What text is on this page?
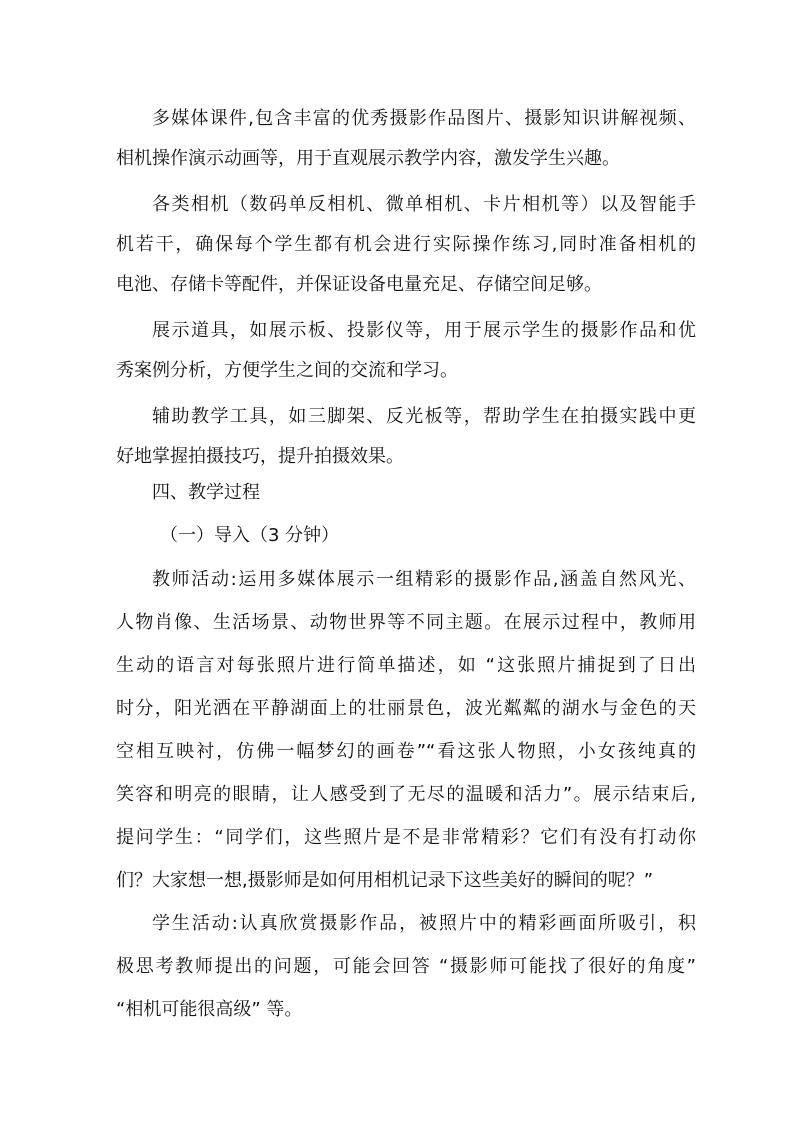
多媒体课件,包含丰富的优秀摄影作品图片、摄影知识讲解视频、

相机操作演示动画等，用于直观展示教学内容，激发学生兴趣。

各类相机（数码单反相机、微单相机、卡片相机等）以及智能手

机若干，确保每个学生都有机会进行实际操作练习,同时准备相机的

电池、存储卡等配件，并保证设备电量充足、存储空间足够。

展示道具，如展示板、投影仪等，用于展示学生的摄影作品和优

秀案例分析，方便学生之间的交流和学习。

辅助教学工具，如三脚架、反光板等，帮助学生在拍摄实践中更

好地掌握拍摄技巧，提升拍摄效果。

四、教学过程

（一）导入（3 分钟）

教师活动:运用多媒体展示一组精彩的摄影作品,涵盖自然风光、

人物肖像、生活场景、动物世界等不同主题。在展示过程中，教师用

生动的语言对每张照片进行简单描述，如 “这张照片捕捉到了日出

时分，阳光洒在平静湖面上的壮丽景色，波光粼粼的湖水与金色的天

空相互映衬，仿佛一幅梦幻的画卷”“看这张人物照，小女孩纯真的

笑容和明亮的眼睛，让人感受到了无尽的温暖和活力”。展示结束后,

提问学生：“同学们，这些照片是不是非常精彩？它们有没有打动你

们？大家想一想,摄影师是如何用相机记录下这些美好的瞬间的呢？”

学生活动:认真欣赏摄影作品，被照片中的精彩画面所吸引，积

极思考教师提出的问题，可能会回答 “摄影师可能找了很好的角度”

“相机可能很高级” 等。
